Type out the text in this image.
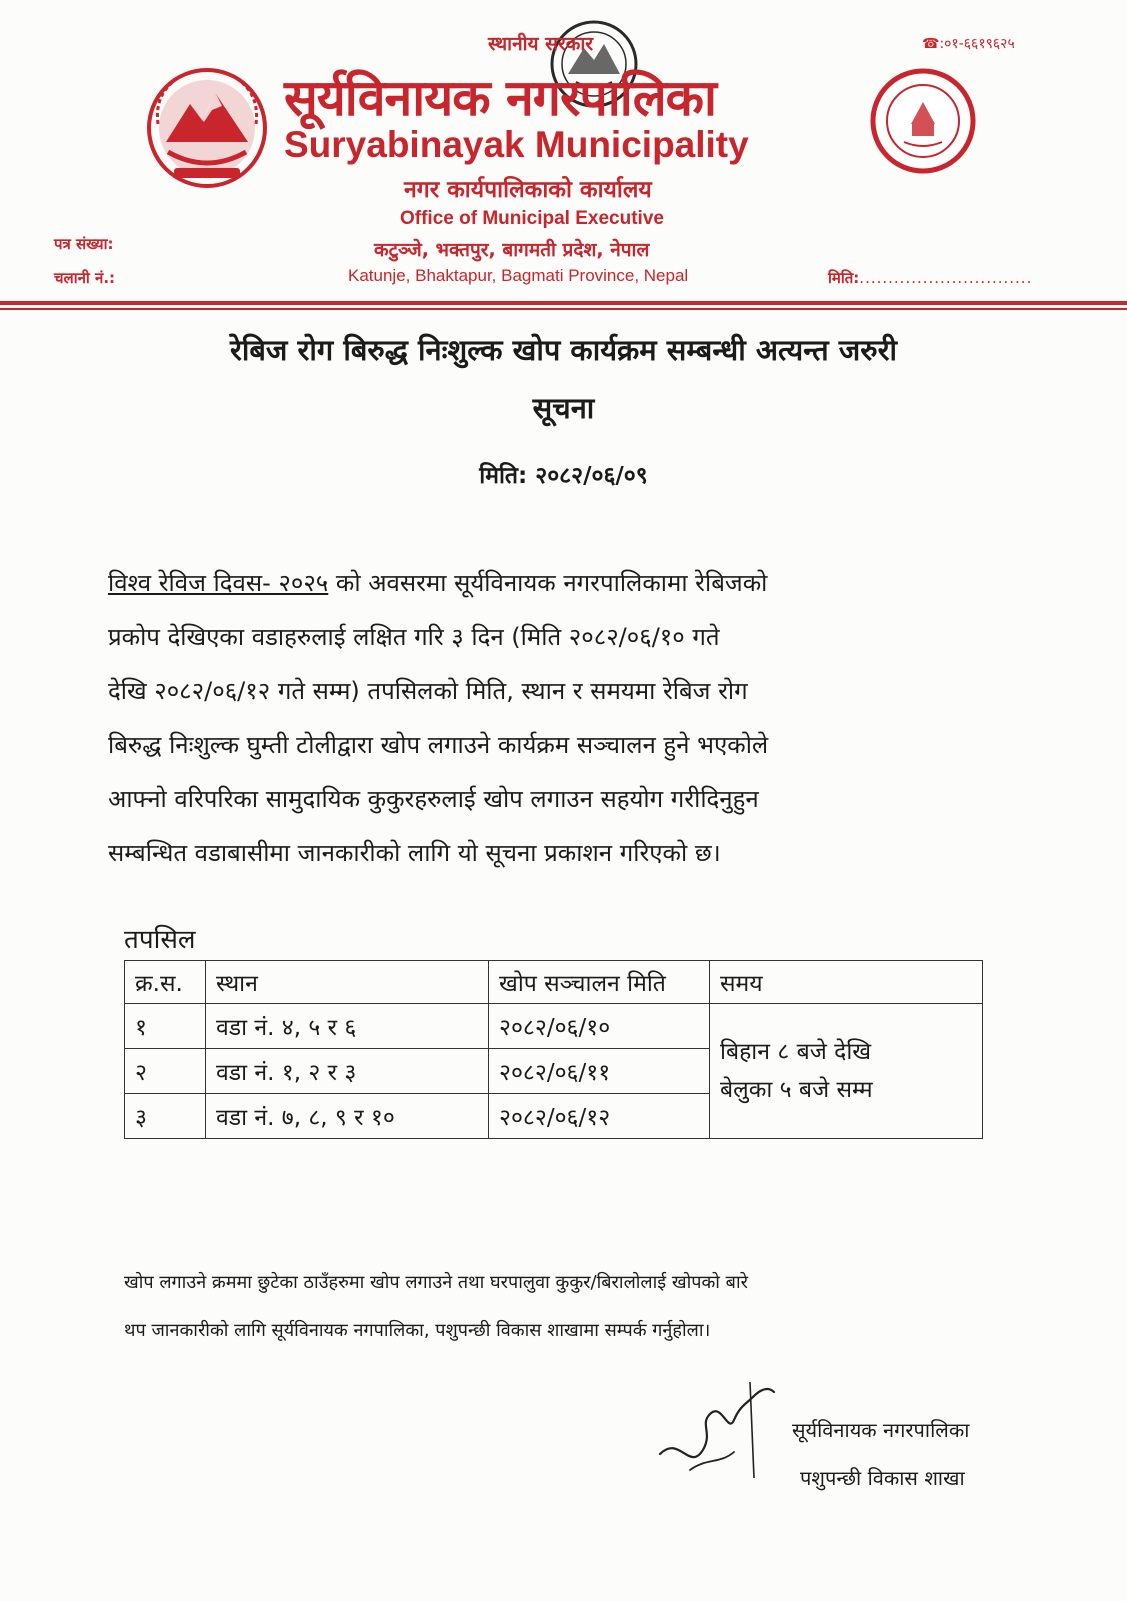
स्थानीय सरकार	☎:०१-६६१९६२५
सूर्यविनायक नगरपालिका
Suryabinayak Municipality
नगर कार्यपालिकाको कार्यालय
Office of Municipal Executive
कटुञ्जे, भक्तपुर, बागमती प्रदेश, नेपाल
Katunje, Bhaktapur, Bagmati Province, Nepal
पत्र संख्या:
चलानी नं.:	मिति:..............................
रेबिज रोग बिरुद्ध निःशुल्क खोप कार्यक्रम सम्बन्धी अत्यन्त जरुरी
सूचना
मिति: २०८२/०६/०९
विश्व रेविज दिवस- २०२५ को अवसरमा सूर्यविनायक नगरपालिकामा रेबिजको
प्रकोप देखिएका वडाहरुलाई लक्षित गरि ३ दिन (मिति २०८२/०६/१० गते
देखि २०८२/०६/१२ गते सम्म) तपसिलको मिति, स्थान र समयमा रेबिज रोग
बिरुद्ध निःशुल्क घुम्ती टोलीद्वारा खोप लगाउने कार्यक्रम सञ्चालन हुने भएकोले
आफ्नो वरिपरिका सामुदायिक कुकुरहरुलाई खोप लगाउन सहयोग गरीदिनुहुन
सम्बन्धित वडाबासीमा जानकारीको लागि यो सूचना प्रकाशन गरिएको छ।
तपसिल
क्र.स.	स्थान	खोप सञ्चालन मिति	समय
१	वडा नं. ४, ५ र ६	२०८२/०६/१०	बिहान ८ बजे देखि
बेलुका ५ बजे सम्म

२	वडा नं. १, २ र ३	२०८२/०६/११	
३	वडा नं. ७, ८, ९ र १०	२०८२/०६/१२	
खोप लगाउने क्रममा छुटेका ठाउँहरुमा खोप लगाउने तथा घरपालुवा कुकुर/बिरालोलाई खोपको बारे
थप जानकारीको लागि सूर्यविनायक नगपालिका, पशुपन्छी विकास शाखामा सम्पर्क गर्नुहोला।
सूर्यविनायक नगरपालिका
पशुपन्छी विकास शाखा
